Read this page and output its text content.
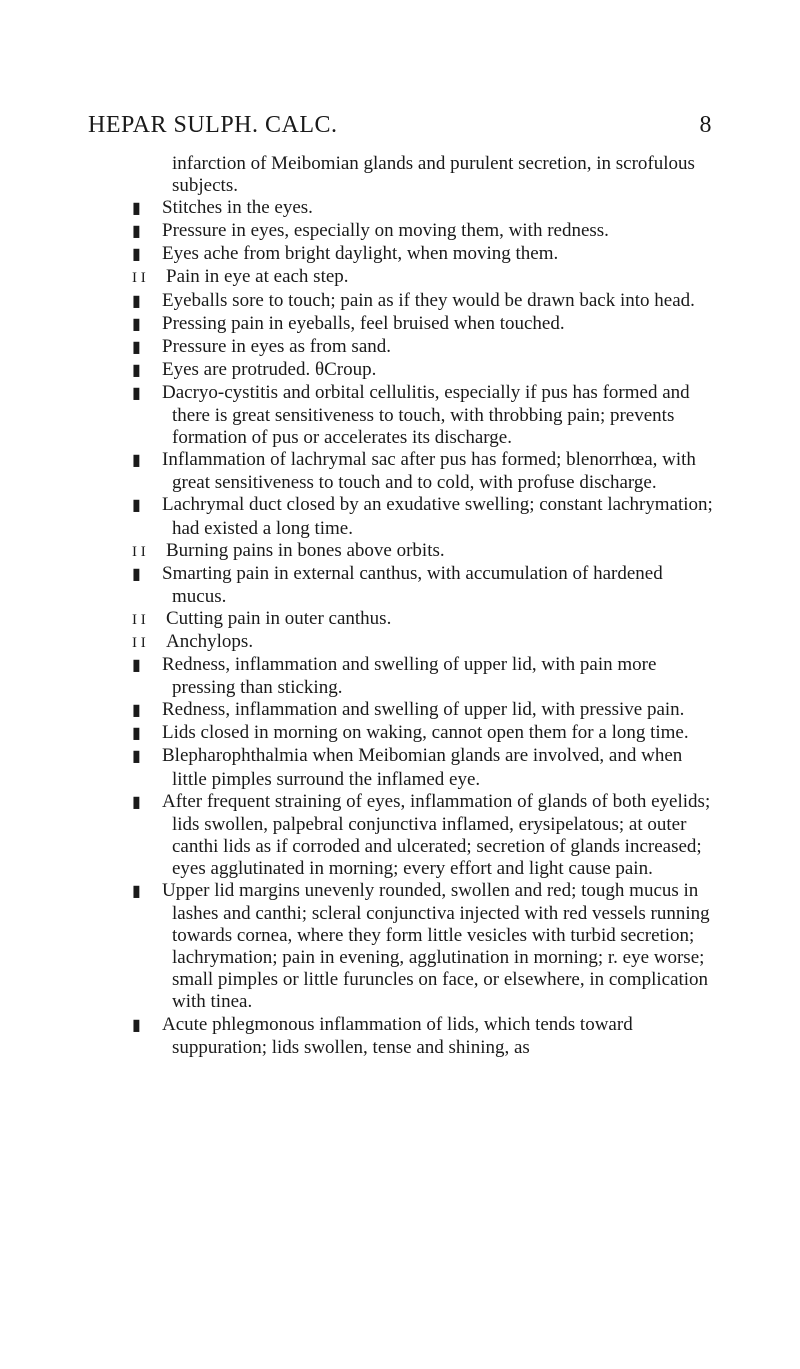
HEPAR SULPH. CALC.	8

infarction of Meibomian glands and purulent secretion, in scrofulous subjects.

▮ Stitches in the eyes.

▮ Pressure in eyes, especially on moving them, with redness.

▮ Eyes ache from bright daylight, when moving them.

I I Pain in eye at each step.

▮ Eyeballs sore to touch; pain as if they would be drawn back into head.

▮ Pressing pain in eyeballs, feel bruised when touched.

▮ Pressure in eyes as from sand.

▮ Eyes are protruded. θCroup.

▮ Dacryo-cystitis and orbital cellulitis, especially if pus has formed and there is great sensitiveness to touch, with throbbing pain; prevents formation of pus or accelerates its discharge.

▮ Inflammation of lachrymal sac after pus has formed; blenorrhœa, with great sensitiveness to touch and to cold, with profuse discharge.

▮ Lachrymal duct closed by an exudative swelling; constant lachrymation; had existed a long time.

I I Burning pains in bones above orbits.

▮ Smarting pain in external canthus, with accumulation of hardened mucus.

I I Cutting pain in outer canthus.

I I Anchylops.

▮ Redness, inflammation and swelling of upper lid, with pain more pressing than sticking.

▮ Redness, inflammation and swelling of upper lid, with pressive pain.

▮ Lids closed in morning on waking, cannot open them for a long time.

▮ Blepharophthalmia when Meibomian glands are involved, and when little pimples surround the inflamed eye.

▮ After frequent straining of eyes, inflammation of glands of both eyelids; lids swollen, palpebral conjunctiva inflamed, erysipelatous; at outer canthi lids as if corroded and ulcerated; secretion of glands increased; eyes agglutinated in morning; every effort and light cause pain.

▮ Upper lid margins unevenly rounded, swollen and red; tough mucus in lashes and canthi; scleral conjunctiva injected with red vessels running towards cornea, where they form little vesicles with turbid secretion; lachrymation; pain in evening, agglutination in morning; r. eye worse; small pimples or little furuncles on face, or elsewhere, in complication with tinea.

▮ Acute phlegmonous inflammation of lids, which tends toward suppuration; lids swollen, tense and shining, as
